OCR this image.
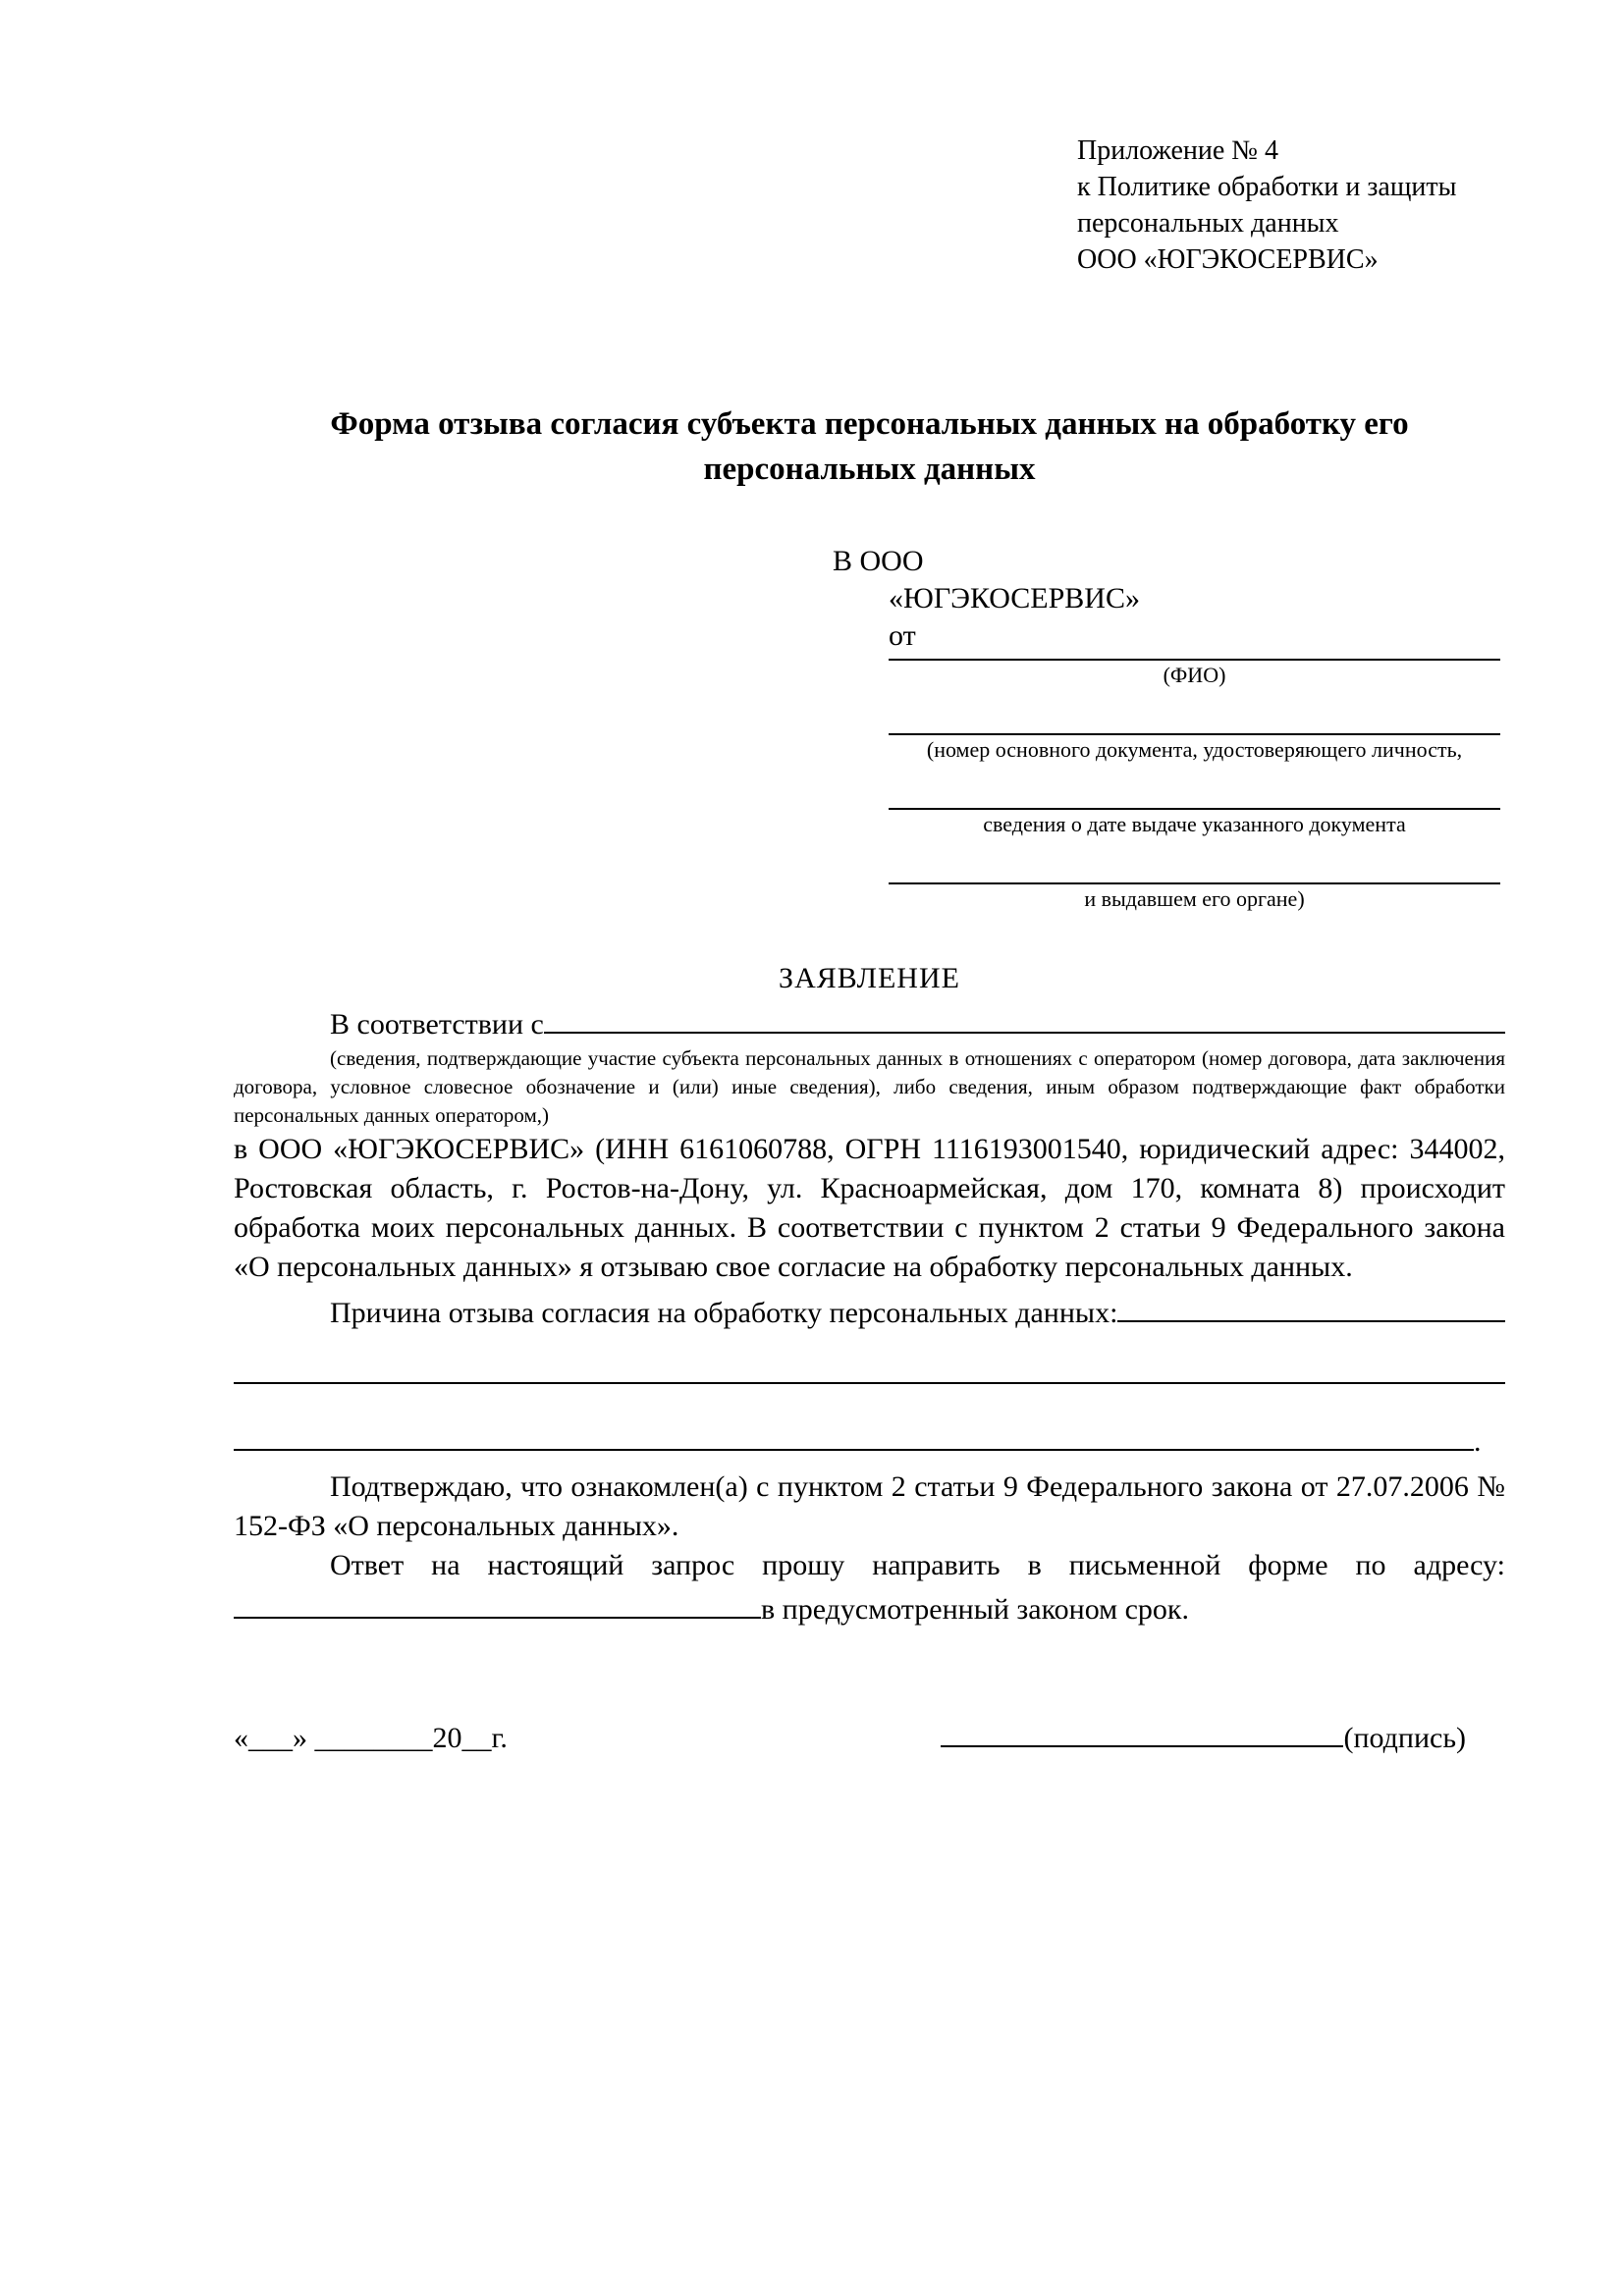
Приложение № 4
к Политике обработки и защиты
персональных данных
ООО «ЮГЭКОСЕРВИС»
Форма отзыва согласия субъекта персональных данных на обработку его персональных данных
В ООО
«ЮГЭКОСЕРВИС»
от
(ФИО)
(номер основного документа, удостоверяющего личность,
сведения о дате выдаче указанного документа
и выдавшем его органе)
ЗАЯВЛЕНИЕ
В соответствии с
(сведения, подтверждающие участие субъекта персональных данных в отношениях с оператором (номер договора, дата заключения договора, условное словесное обозначение и (или) иные сведения), либо сведения, иным образом подтверждающие факт обработки персональных данных оператором,)
в ООО «ЮГЭКОСЕРВИС» (ИНН 6161060788, ОГРН 1116193001540, юридический адрес: 344002, Ростовская область, г. Ростов-на-Дону, ул. Красноармейская, дом 170, комната 8) происходит обработка моих персональных данных. В соответствии с пунктом 2 статьи 9 Федерального закона «О персональных данных» я отзываю свое согласие на обработку персональных данных.
Причина отзыва согласия на обработку персональных данных:
.
Подтверждаю, что ознакомлен(а) с пунктом 2 статьи 9 Федерального закона от 27.07.2006 № 152-ФЗ «О персональных данных».
Ответ на настоящий запрос прошу направить в письменной форме по адресу:
в предусмотренный законом срок.
«___» ________20__г.	(подпись)
